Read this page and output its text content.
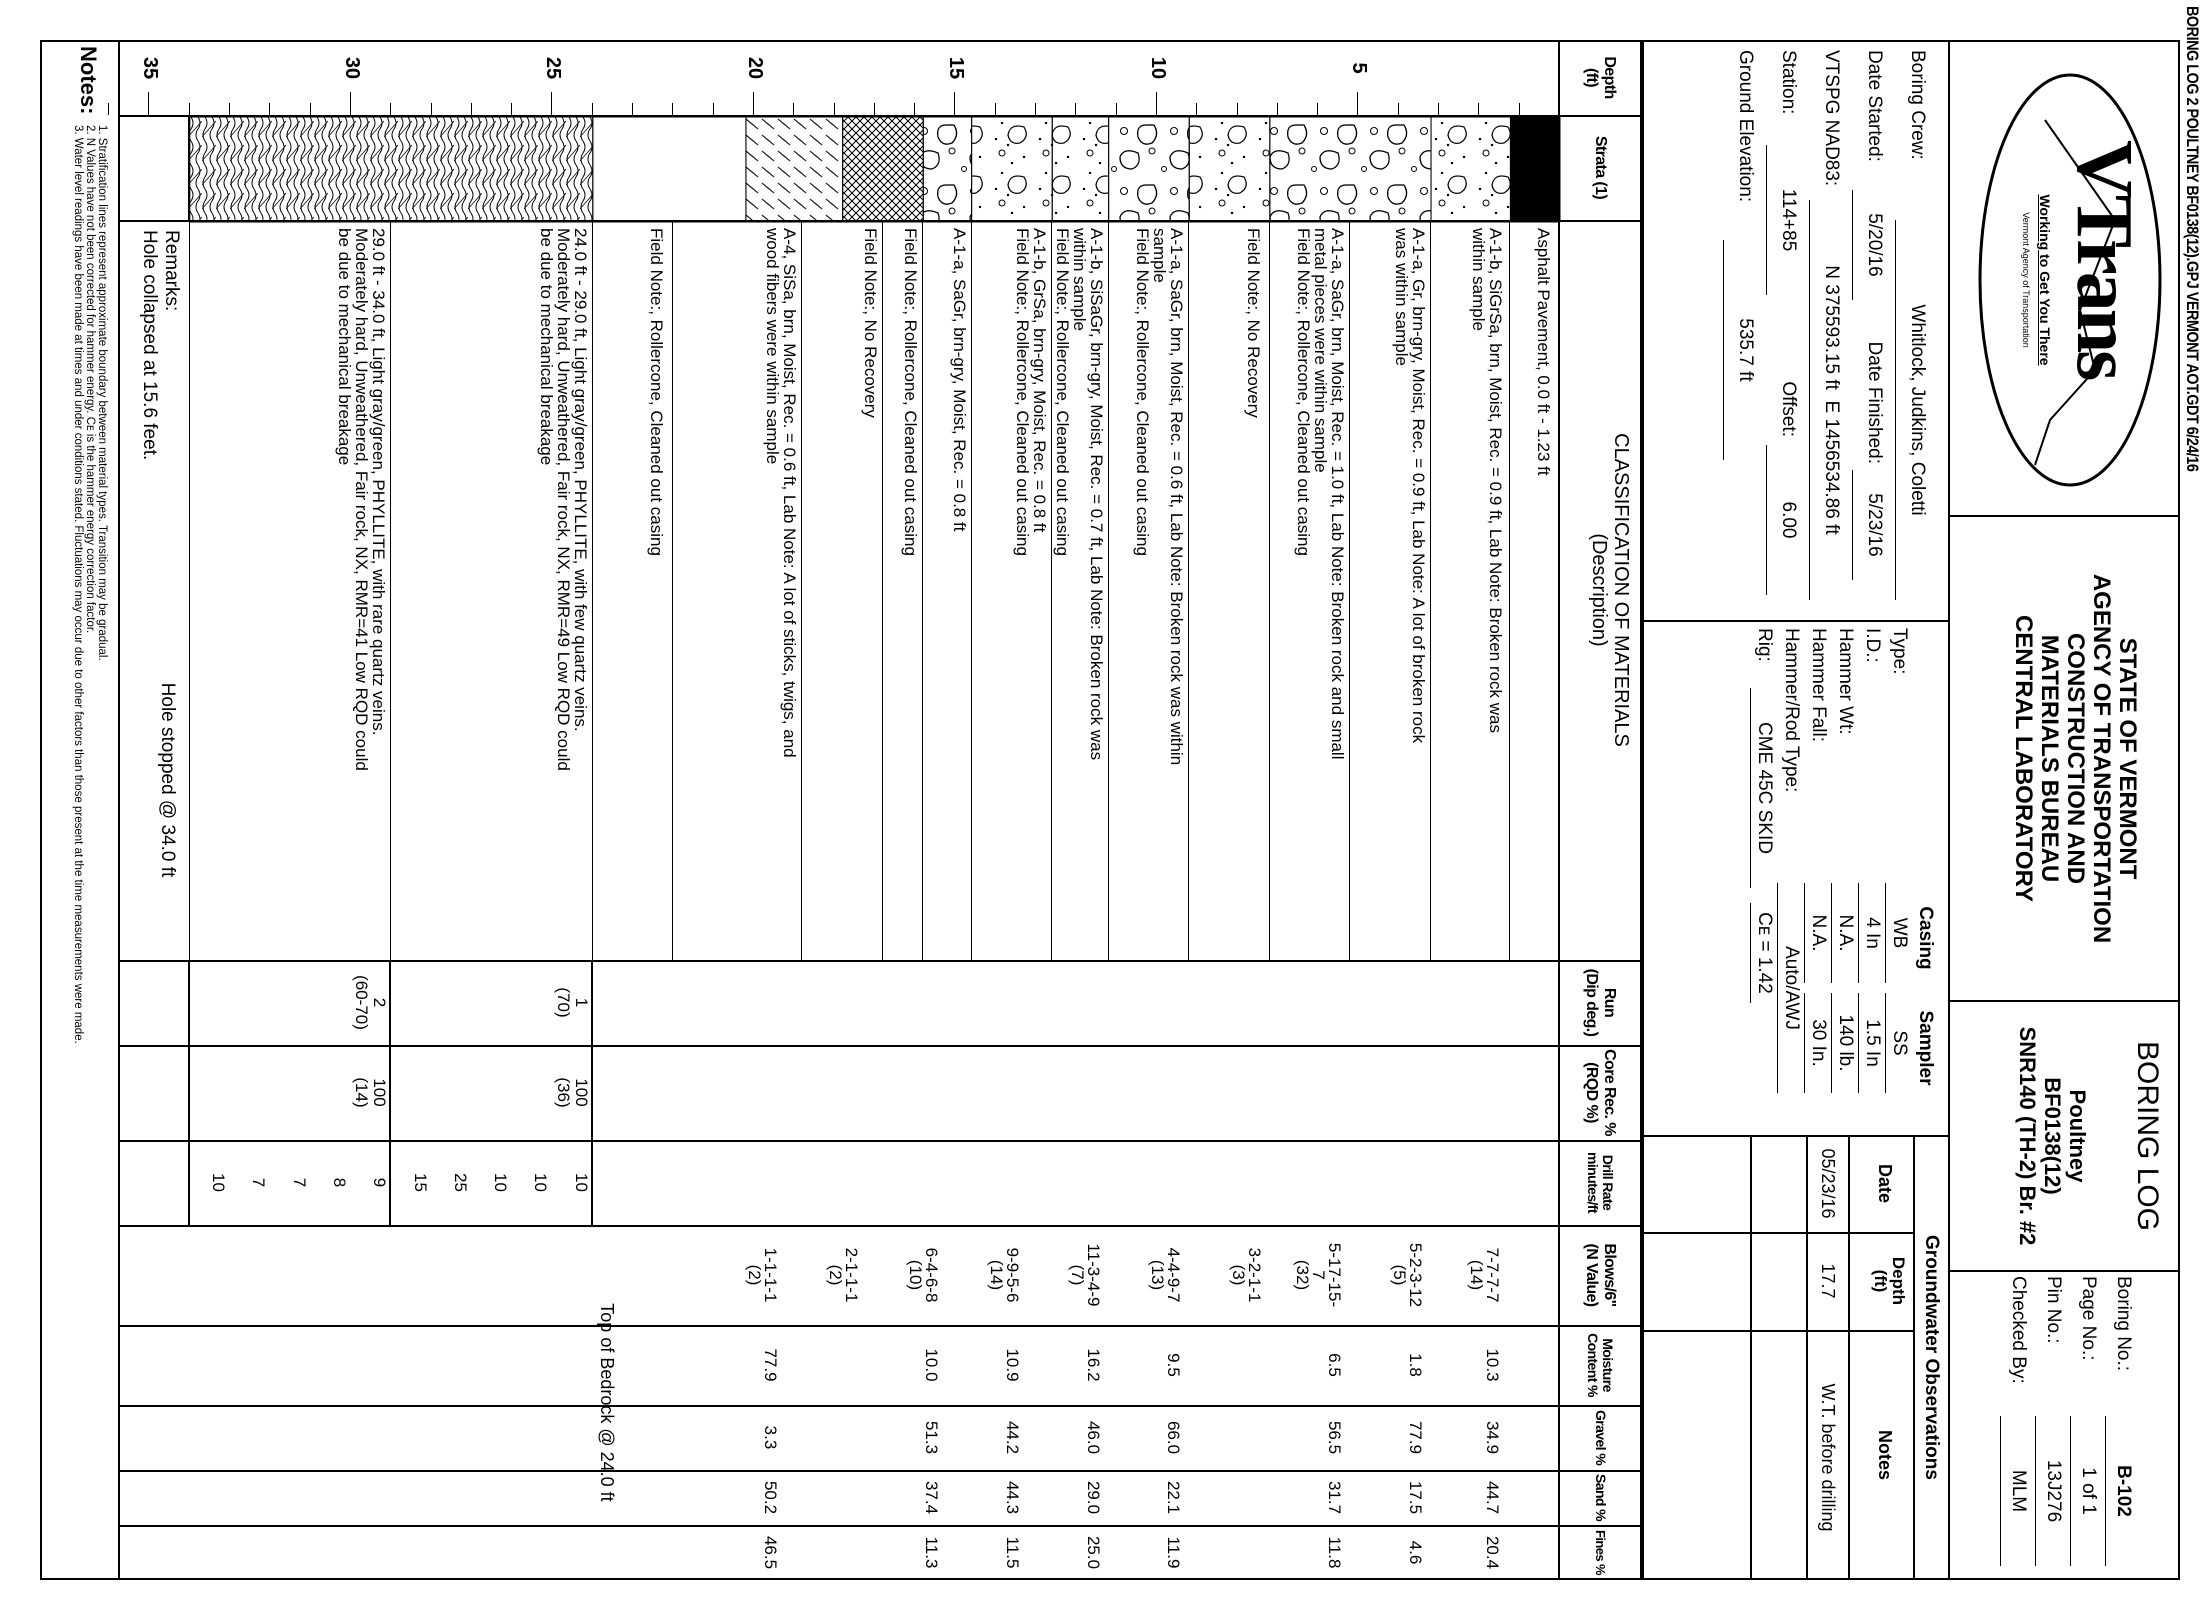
BORING LOG 2 POULTNEY BF0138(12).GPJ VERMONT AOT.GDT 6/24/16
VTrans
Working to Get You There
Vermont Agency of Transportation
STATE OF VERMONT
AGENCY OF TRANSPORTATION
CONSTRUCTION AND
MATERIALS BUREAU
CENTRAL LABORATORY
BORING LOG
Poultney
BF0138(12)
SNR140 (TH-2) Br. #2
Boring No.:B-102
Page No.:1 of 1
Pin No.:13J276
Checked By:MLM
Boring Crew:Whitlock, Judkins, Coletti
Date Started:5/20/16Date Finished:5/23/16
VTSPG NAD83:N 375593.15 ft  E 1456534.86 ft
Station:114+85Offset:6.00
Ground Elevation:535.7 ft
CasingSampler
Type:WBSS
I.D.:4 In1.5 In
Hammer Wt:N.A.140 lb.
Hammer Fall:N.A.30 In.
Hammer/Rod Type:Auto/AWJ
Rig:CME 45C SKIDCᴇ = 1.42
Groundwater Observations
Date
Depth
(ft)
Notes
05/23/16
17.7
W.T. before drilling
Depth
(ft)
Strata (1)
CLASSIFICATION OF MATERIALS
(Description)
Run
(Dip deg.)
Core Rec. %
(RQD %)
Drill Rate
minutes/ft
Blows/6"
(N Value)
Moisture
Content %
Gravel %
Sand %
Fines %
5
10
15
20
25
30
35
Asphalt Pavement, 0.0 ft - 1.23 ft
A-1-b, SiGrSa, brn, Moist, Rec. = 0.9 ft, Lab Note: Broken rock was
within sample
A-1-a, Gr, brn-gry, Moist, Rec. = 0.9 ft, Lab Note: A lot of broken rock
was within sample
A-1-a, SaGr, brn, Moist, Rec. = 1.0 ft, Lab Note: Broken rock and small
metal pieces were within sample
Field Note:, Rollercone, Cleaned out casing
Field Note:, No Recovery
A-1-a, SaGr, brn, Moist, Rec. = 0.6 ft, Lab Note: Broken rock was within
sample
Field Note:, Rollercone, Cleaned out casing
A-1-b, SiSaGr, brn-gry, Moist, Rec. = 0.7 ft, Lab Note: Broken rock was
within sample
Field Note:, Rollercone, Cleaned out casing
A-1-b, GrSa, brn-gry, Moist, Rec. = 0.8 ft
Field Note:, Rollercone, Cleaned out casing
A-1-a, SaGr, brn-gry, Moist, Rec. = 0.8 ft
Field Note:, Rollercone, Cleaned out casing
Field Note:, No Recovery
A-4, SiSa, brn, Moist, Rec. = 0.6 ft, Lab Note: A lot of sticks, twigs, and
wood fibers were within sample
Field Note:, Rollercone, Cleaned out casing
24.0 ft - 29.0 ft, Light gray/green, PHYLLITE, with few quartz veins.
Moderately hard, Unweathered, Fair rock, NX, RMR=49 Low RQD could
be due to mechanical breakage
29.0 ft - 34.0 ft, Light gray/green, PHYLLITE, with rare quartz veins.
Moderately hard, Unweathered, Fair rock, NX, RMR=41 Low RQD could
be due to mechanical breakage
7-7-7-7
(14)
10.3
34.9
44.7
20.4
5-2-3-12
(5)
1.8
77.9
17.5
4.6
5-17-15-
7
(32)
6.5
56.5
31.7
11.8
3-2-1-1
(3)
4-4-9-7
(13)
9.5
66.0
22.1
11.9
11-3-4-9
(7)
16.2
46.0
29.0
25.0
9-9-5-6
(14)
10.9
44.2
44.3
11.5
6-4-6-8
(10)
10.0
51.3
37.4
11.3
2-1-1-1
(2)
1-1-1-1
(2)
77.9
3.3
50.2
46.5
1
(70)
100
(36)
10
10
10
25
15
2
(60-70)
100
(14)
9
8
7
7
10
Top of Bedrock @ 24.0 ft
Hole stopped @ 34.0 ft
Remarks:
Hole collapsed at 15.6 feet.
Notes:
1. Stratification lines represent approximate boundary between material types. Transition may be gradual.
2. N Values have not been corrected for hammer energy. Cᴇ is the hammer energy correction factor.
3. Water level readings have been made at times and under conditions stated. Fluctuations may occur due to other factors than those present at the time measurements were made.
